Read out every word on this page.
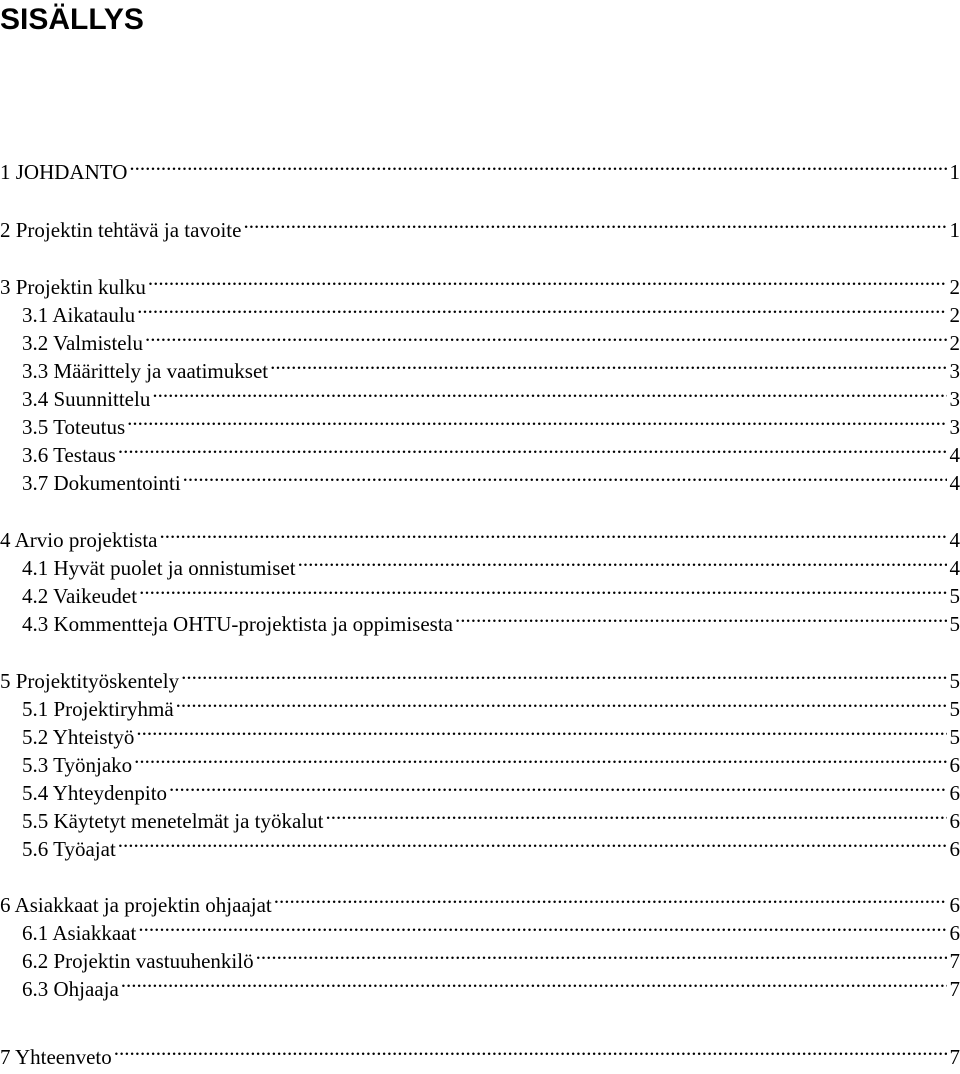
SISÄLLYS
1 JOHDANTO .....	1
2 Projektin tehtävä ja tavoite .....	1
3 Projektin kulku .....	2
3.1 Aikataulu .....	2
3.2 Valmistelu .....	2
3.3 Määrittely ja vaatimukset .....	3
3.4 Suunnittelu .....	3
3.5 Toteutus .....	3
3.6 Testaus .....	4
3.7 Dokumentointi .....	4
4 Arvio projektista .....	4
4.1 Hyvät puolet ja onnistumiset .....	4
4.2 Vaikeudet .....	5
4.3 Kommentteja OHTU-projektista ja oppimisesta .....	5
5 Projektityöskentely .....	5
5.1 Projektiryhmä .....	5
5.2 Yhteistyö .....	5
5.3 Työnjako .....	6
5.4 Yhteydenpito .....	6
5.5 Käytetyt menetelmät ja työkalut .....	6
5.6 Työajat .....	6
6 Asiakkaat ja projektin ohjaajat .....	6
6.1 Asiakkaat .....	6
6.2 Projektin vastuuhenkilö .....	7
6.3 Ohjaaja .....	7
7 Yhteenveto .....	7
